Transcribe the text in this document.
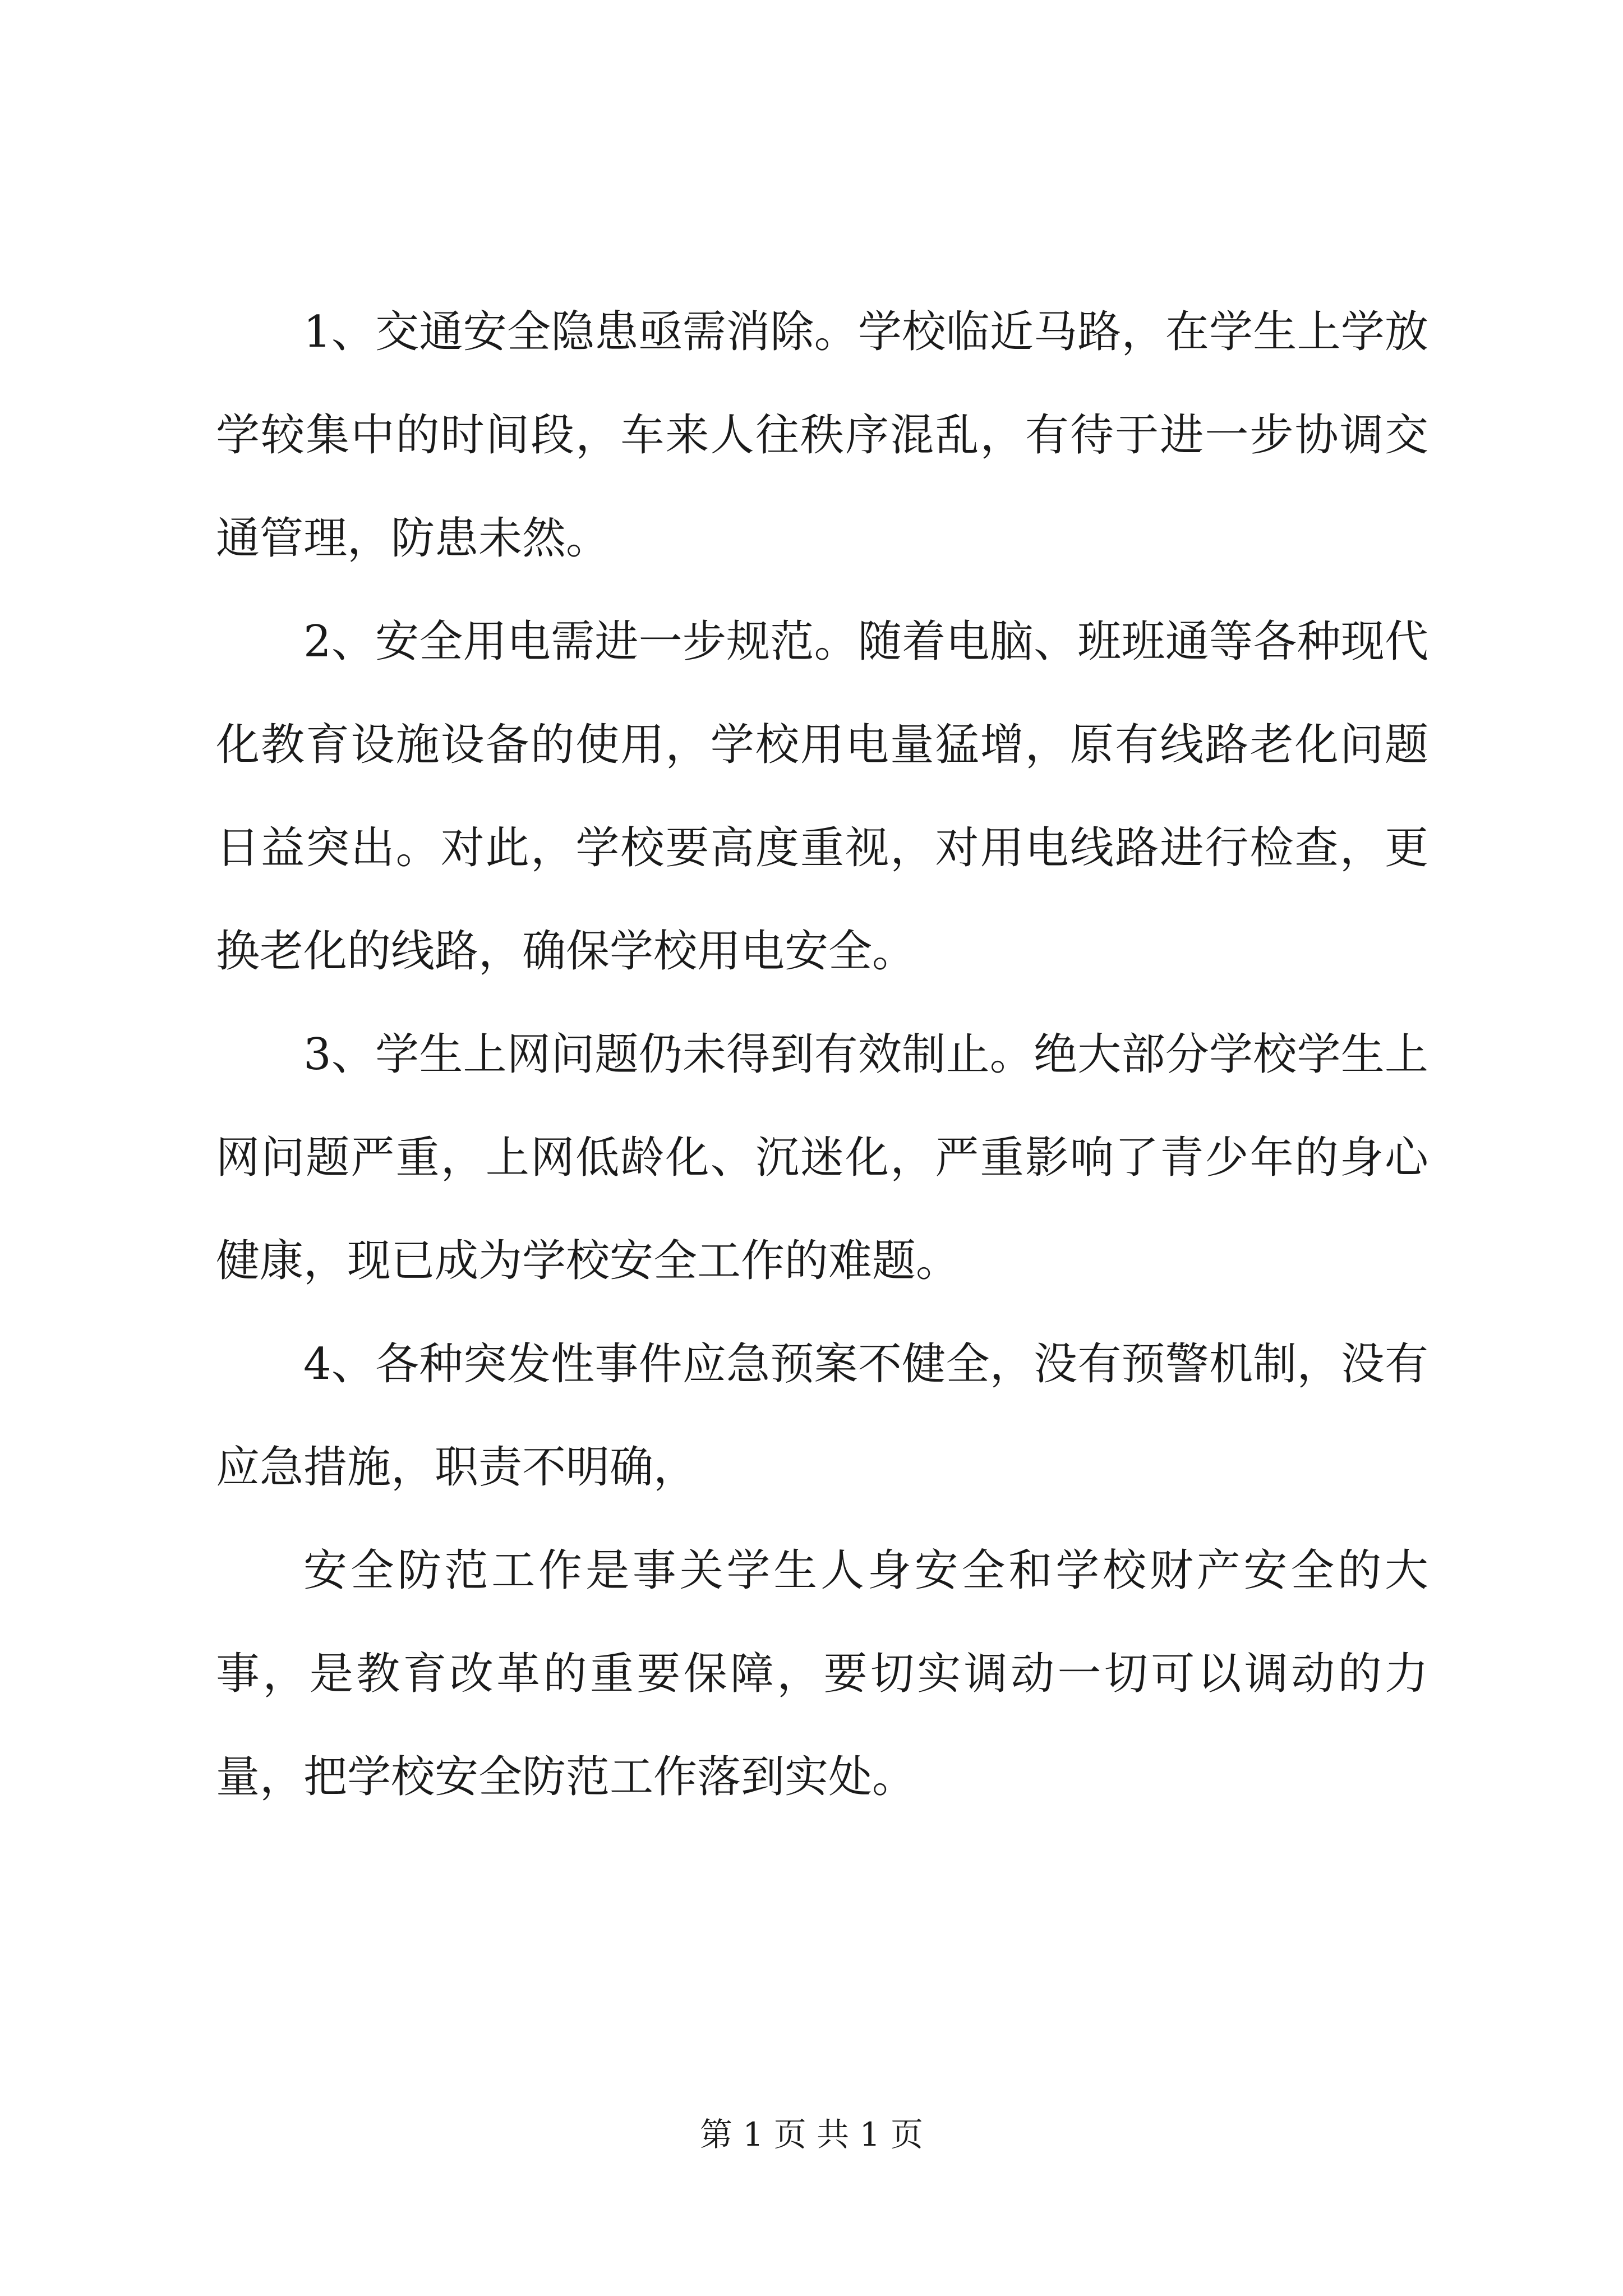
1、交通安全隐患亟需消除。学校临近马路，在学生上学放学较集中的时间段，车来人往秩序混乱，有待于进一步协调交通管理，防患未然。

2、安全用电需进一步规范。随着电脑、班班通等各种现代化教育设施设备的使用，学校用电量猛增，原有线路老化问题日益突出。对此，学校要高度重视，对用电线路进行检查，更换老化的线路，确保学校用电安全。

3、学生上网问题仍未得到有效制止。绝大部分学校学生上网问题严重，上网低龄化、沉迷化，严重影响了青少年的身心健康，现已成为学校安全工作的难题。

4、各种突发性事件应急预案不健全，没有预警机制，没有应急措施，职责不明确，

安全防范工作是事关学生人身安全和学校财产安全的大事，是教育改革的重要保障，要切实调动一切可以调动的力量，把学校安全防范工作落到实处。

第 1 页 共 1 页
